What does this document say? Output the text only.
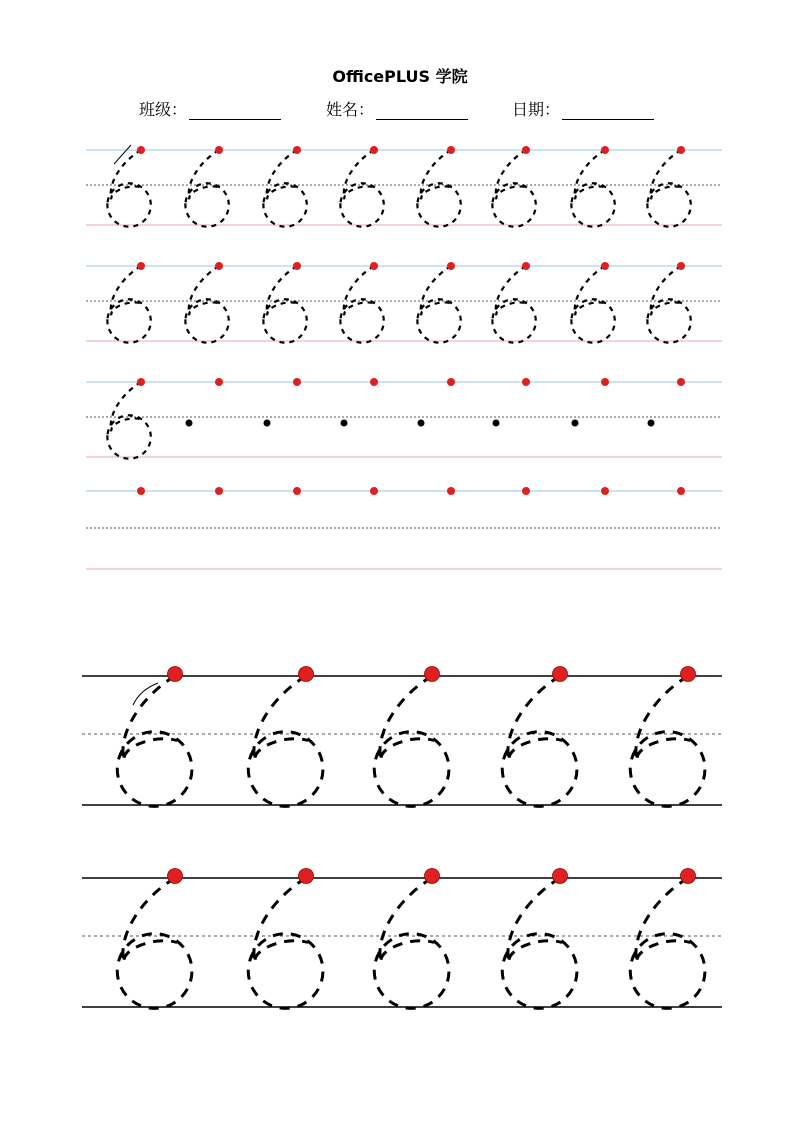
OfficePLUS 学院
班级：	姓名：	日期：
